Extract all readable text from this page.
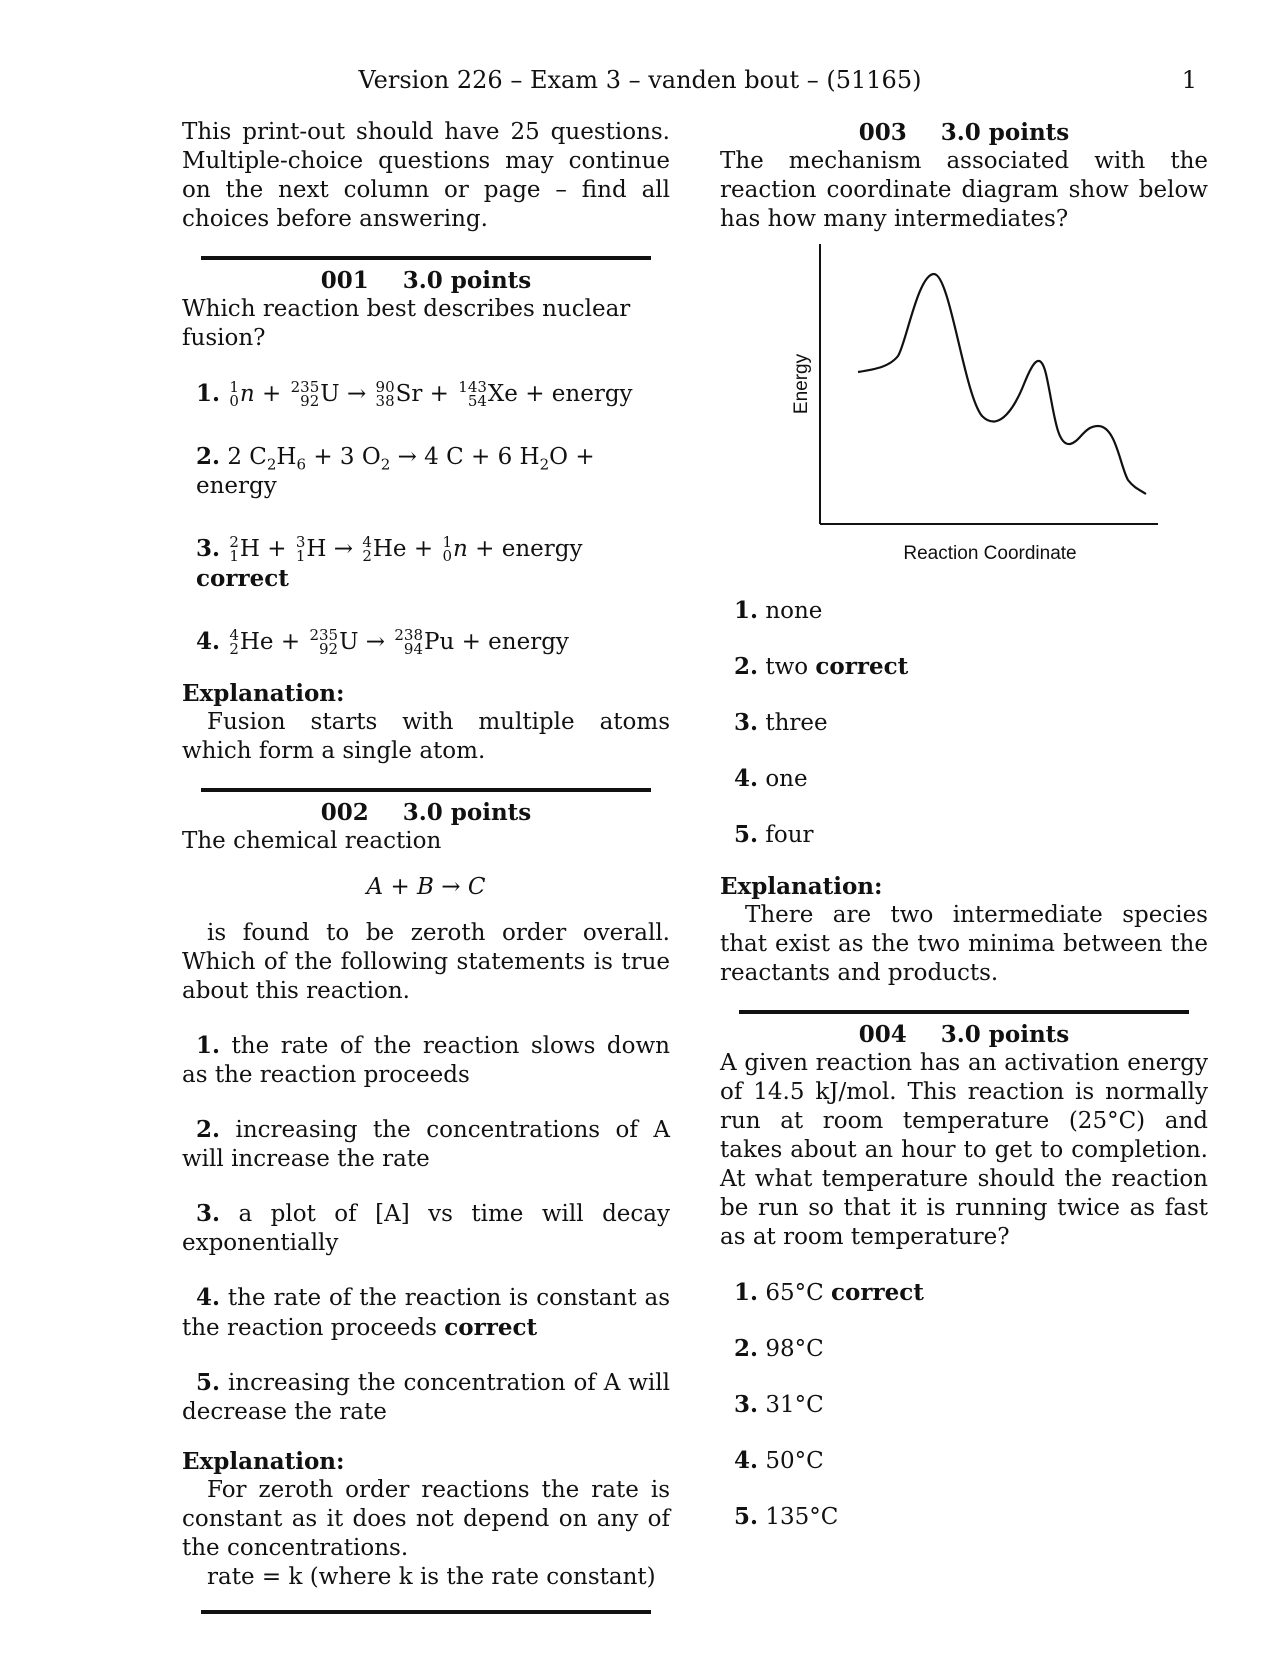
Version 226 – Exam 3 – vanden bout – (51165)	1
This print-out should have 25 questions. Multiple-choice questions may continue on the next column or page – find all choices before answering.
001 3.0 points
Which reaction best describes nuclear fusion?
1. 1
0 n + 235
92 U → 90
38 Sr + 143
54 Xe + energy
2. 2 $C_2H_6 + 3$ $O_2 \to 4$ C + 6 $H_2O$ + energy
3. 2
1 H + 3
1 H → 4
2 He + 1
0 n + energy correct
4. 4
2 He + 235
92 U → 238
94 Pu + energy
Explanation:
Fusion starts with multiple atoms which form a single atom.
002 3.0 points
The chemical reaction
A + B → C
is found to be zeroth order overall. Which of the following statements is true about this reaction.
1. the rate of the reaction slows down as the reaction proceeds
2. increasing the concentrations of A will increase the rate
3. a plot of [A] vs time will decay exponentially
4. the rate of the reaction is constant as the reaction proceeds correct
5. increasing the concentration of A will decrease the rate
Explanation:
For zeroth order reactions the rate is constant as it does not depend on any of the concentrations.
rate = k (where k is the rate constant)
003 3.0 points
The mechanism associated with the reaction coordinate diagram show below has how many intermediates?
Energy
Reaction Coordinate
1. none
2. two correct
3. three
4. one
5. four
Explanation:
There are two intermediate species that exist as the two minima between the reactants and products.
004 3.0 points
A given reaction has an activation energy of 14.5 kJ/mol. This reaction is normally run at room temperature (25°C) and takes about an hour to get to completion. At what temperature should the reaction be run so that it is running twice as fast as at room temperature?
1. 65°C correct
2. 98°C
3. 31°C
4. 50°C
5. 135°C
